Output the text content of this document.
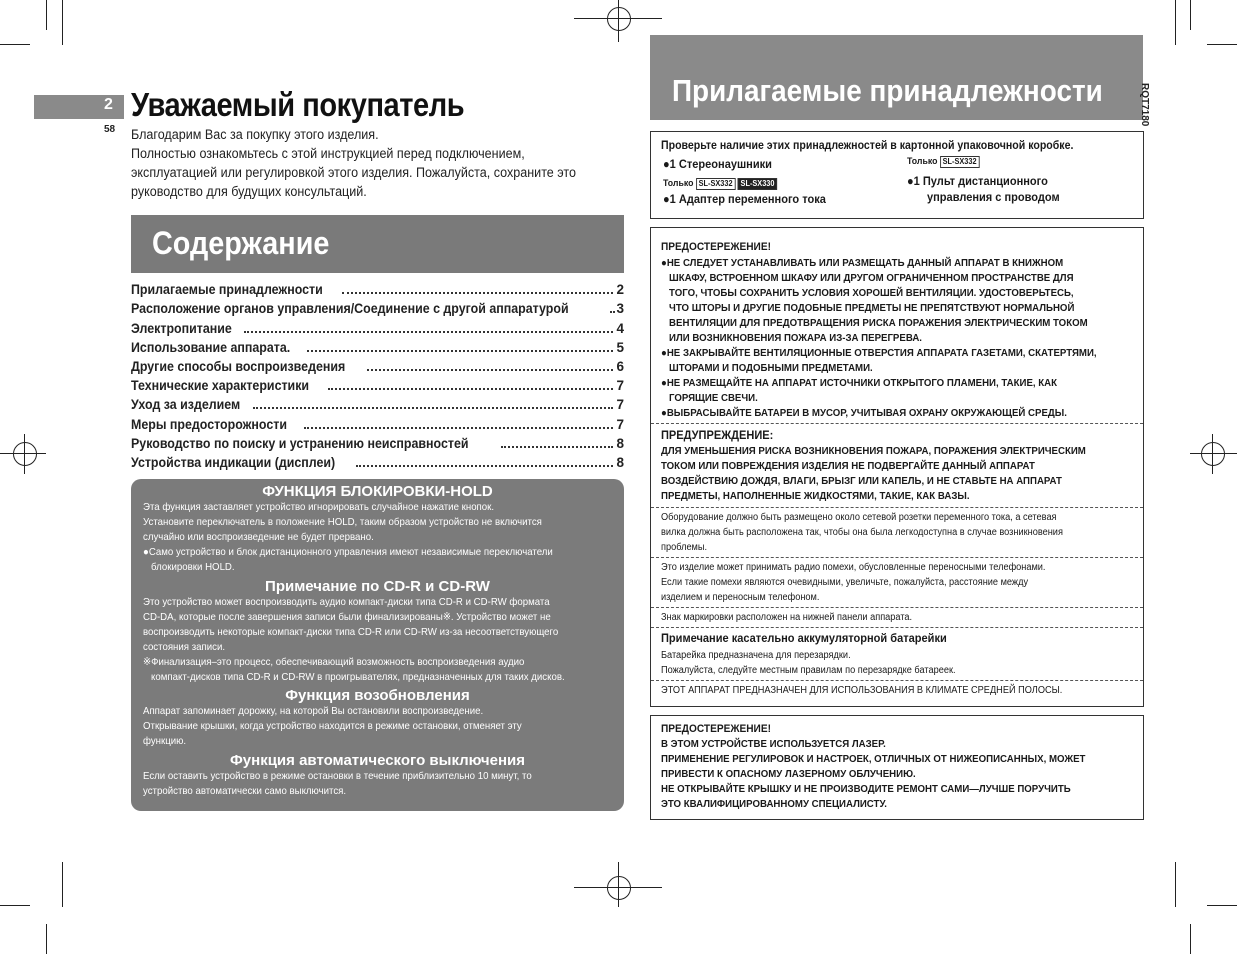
2
58
Уважаемый покупатель
Благодарим Вас за покупку этого изделия.
Полностью ознакомьтесь с этой инструкцией перед подключением,
эксплуатацией или регулировкой этого изделия. Пожалуйста, сохраните это
руководство для будущих консультаций.
Содержание
Прилагаемые принадлежности	2
Расположение органов управления/Соединение с другой аппаратурой	3
Электропитание	4
Использование аппарата.	5
Другие способы воспроизведения	6
Технические характеристики	7
Уход за изделием	7
Меры предосторожности	7
Руководство по поиску и устранению неисправностей	8
Устройства индикации (дисплеи)	8

ФУНКЦИЯ БЛОКИРОВКИ-HOLD

Эта функция заставляет устройство игнорировать случайное нажатие кнопок.

Установите переключатель в положение HOLD, таким образом устройство не включится

случайно или воспроизведение не будет прервано.

●Само устройство и блок дистанционного управления имеют независимые переключатели

блокировки HOLD.

Примечание по CD-R и CD-RW

Это устройство может воспроизводить аудио компакт-диски типа CD-R и CD-RW формата

CD-DA, которые после завершения записи были финализированы※. Устройство может не

воспроизводить некоторые компакт-диски типа CD-R или CD-RW из-за несоответствующего

состояния записи.

※Финализация–это процесс, обеспечивающий возможность воспроизведения аудио

компакт-дисков типа CD-R и CD-RW в проигрывателях, предназначенных для таких дисков.

Функция возобновления

Аппарат запоминает дорожку, на которой Вы остановили воспроизведение.

Открывание крышки, когда устройство находится в режиме остановки, отменяет эту

функцию.

Функция автоматического выключения

Если оставить устройство в режиме остановки в течение приблизительно 10 минут, то

устройство автоматически само выключится.

Прилагаемые принадлежности	RQT7180
Проверьте наличие этих принадлежностей в картонной упаковочной коробке.
●1 Стереонаушники
Только SL-SX332 SL-SX330
●1 Адаптер переменного тока
Только SL-SX332
●1 Пульт дистанционного
управления с проводом
ПРЕДОСТЕРЕЖЕНИЕ!
●НЕ СЛЕДУЕТ УСТАНАВЛИВАТЬ ИЛИ РАЗМЕЩАТЬ ДАННЫЙ АППАРАТ В КНИЖНОМ
ШКАФУ, ВСТРОЕННОМ ШКАФУ ИЛИ ДРУГОМ ОГРАНИЧЕННОМ ПРОСТРАНСТВЕ ДЛЯ
ТОГО, ЧТОБЫ СОХРАНИТЬ УСЛОВИЯ ХОРОШЕЙ ВЕНТИЛЯЦИИ. УДОСТОВЕРЬТЕСЬ,
ЧТО ШТОРЫ И ДРУГИЕ ПОДОБНЫЕ ПРЕДМЕТЫ НЕ ПРЕПЯТСТВУЮТ НОРМАЛЬНОЙ
ВЕНТИЛЯЦИИ ДЛЯ ПРЕДОТВРАЩЕНИЯ РИСКА ПОРАЖЕНИЯ ЭЛЕКТРИЧЕСКИМ ТОКОМ
ИЛИ ВОЗНИКНОВЕНИЯ ПОЖАРА ИЗ-ЗА ПЕРЕГРЕВА.
●НЕ ЗАКРЫВАЙТЕ ВЕНТИЛЯЦИОННЫЕ ОТВЕРСТИЯ АППАРАТА ГАЗЕТАМИ, СКАТЕРТЯМИ,
ШТОРАМИ И ПОДОБНЫМИ ПРЕДМЕТАМИ.
●НЕ РАЗМЕЩАЙТЕ НА АППАРАТ ИСТОЧНИКИ ОТКРЫТОГО ПЛАМЕНИ, ТАКИЕ, КАК
ГОРЯЩИЕ СВЕЧИ.
●ВЫБРАСЫВАЙТЕ БАТАРЕИ В МУСОР, УЧИТЫВАЯ ОХРАНУ ОКРУЖАЮЩЕЙ СРЕДЫ.
ПРЕДУПРЕЖДЕНИЕ:
ДЛЯ УМЕНЬШЕНИЯ РИСКА ВОЗНИКНОВЕНИЯ ПОЖАРА, ПОРАЖЕНИЯ ЭЛЕКТРИЧЕСКИМ
ТОКОМ ИЛИ ПОВРЕЖДЕНИЯ ИЗДЕЛИЯ НЕ ПОДВЕРГАЙТЕ ДАННЫЙ АППАРАТ
ВОЗДЕЙСТВИЮ ДОЖДЯ, ВЛАГИ, БРЫЗГ ИЛИ КАПЕЛЬ, И НЕ СТАВЬТЕ НА АППАРАТ
ПРЕДМЕТЫ, НАПОЛНЕННЫЕ ЖИДКОСТЯМИ, ТАКИЕ, КАК ВАЗЫ.
Оборудование должно быть размещено около сетевой розетки переменного тока, а сетевая
вилка должна быть расположена так, чтобы она была легкодоступна в случае возникновения
проблемы.
Это изделие может принимать радио помехи, обусловленные переносными телефонами.
Если такие помехи являются очевидными, увеличьте, пожалуйста, расстояние между
изделием и переносным телефоном.
Знак маркировки расположен на нижней панели аппарата.
Примечание касательно аккумуляторной батарейки
Батарейка предназначена для перезарядки.
Пожалуйста, следуйте местным правилам по перезарядке батареек.
ЭТОТ АППАРАТ ПРЕДНАЗНАЧЕН ДЛЯ ИСПОЛЬЗОВАНИЯ В КЛИМАТЕ СРЕДНЕЙ ПОЛОСЫ.
ПРЕДОСТЕРЕЖЕНИЕ!
В ЭТОМ УСТРОЙСТВЕ ИСПОЛЬЗУЕТСЯ ЛАЗЕР.
ПРИМЕНЕНИЕ РЕГУЛИРОВОК И НАСТРОЕК, ОТЛИЧНЫХ ОТ НИЖЕОПИСАННЫХ, МОЖЕТ
ПРИВЕСТИ К ОПАСНОМУ ЛАЗЕРНОМУ ОБЛУЧЕНИЮ.
НЕ ОТКРЫВАЙТЕ КРЫШКУ И НЕ ПРОИЗВОДИТЕ РЕМОНТ САМИ—ЛУЧШЕ ПОРУЧИТЬ
ЭТО КВАЛИФИЦИРОВАННОМУ СПЕЦИАЛИСТУ.
